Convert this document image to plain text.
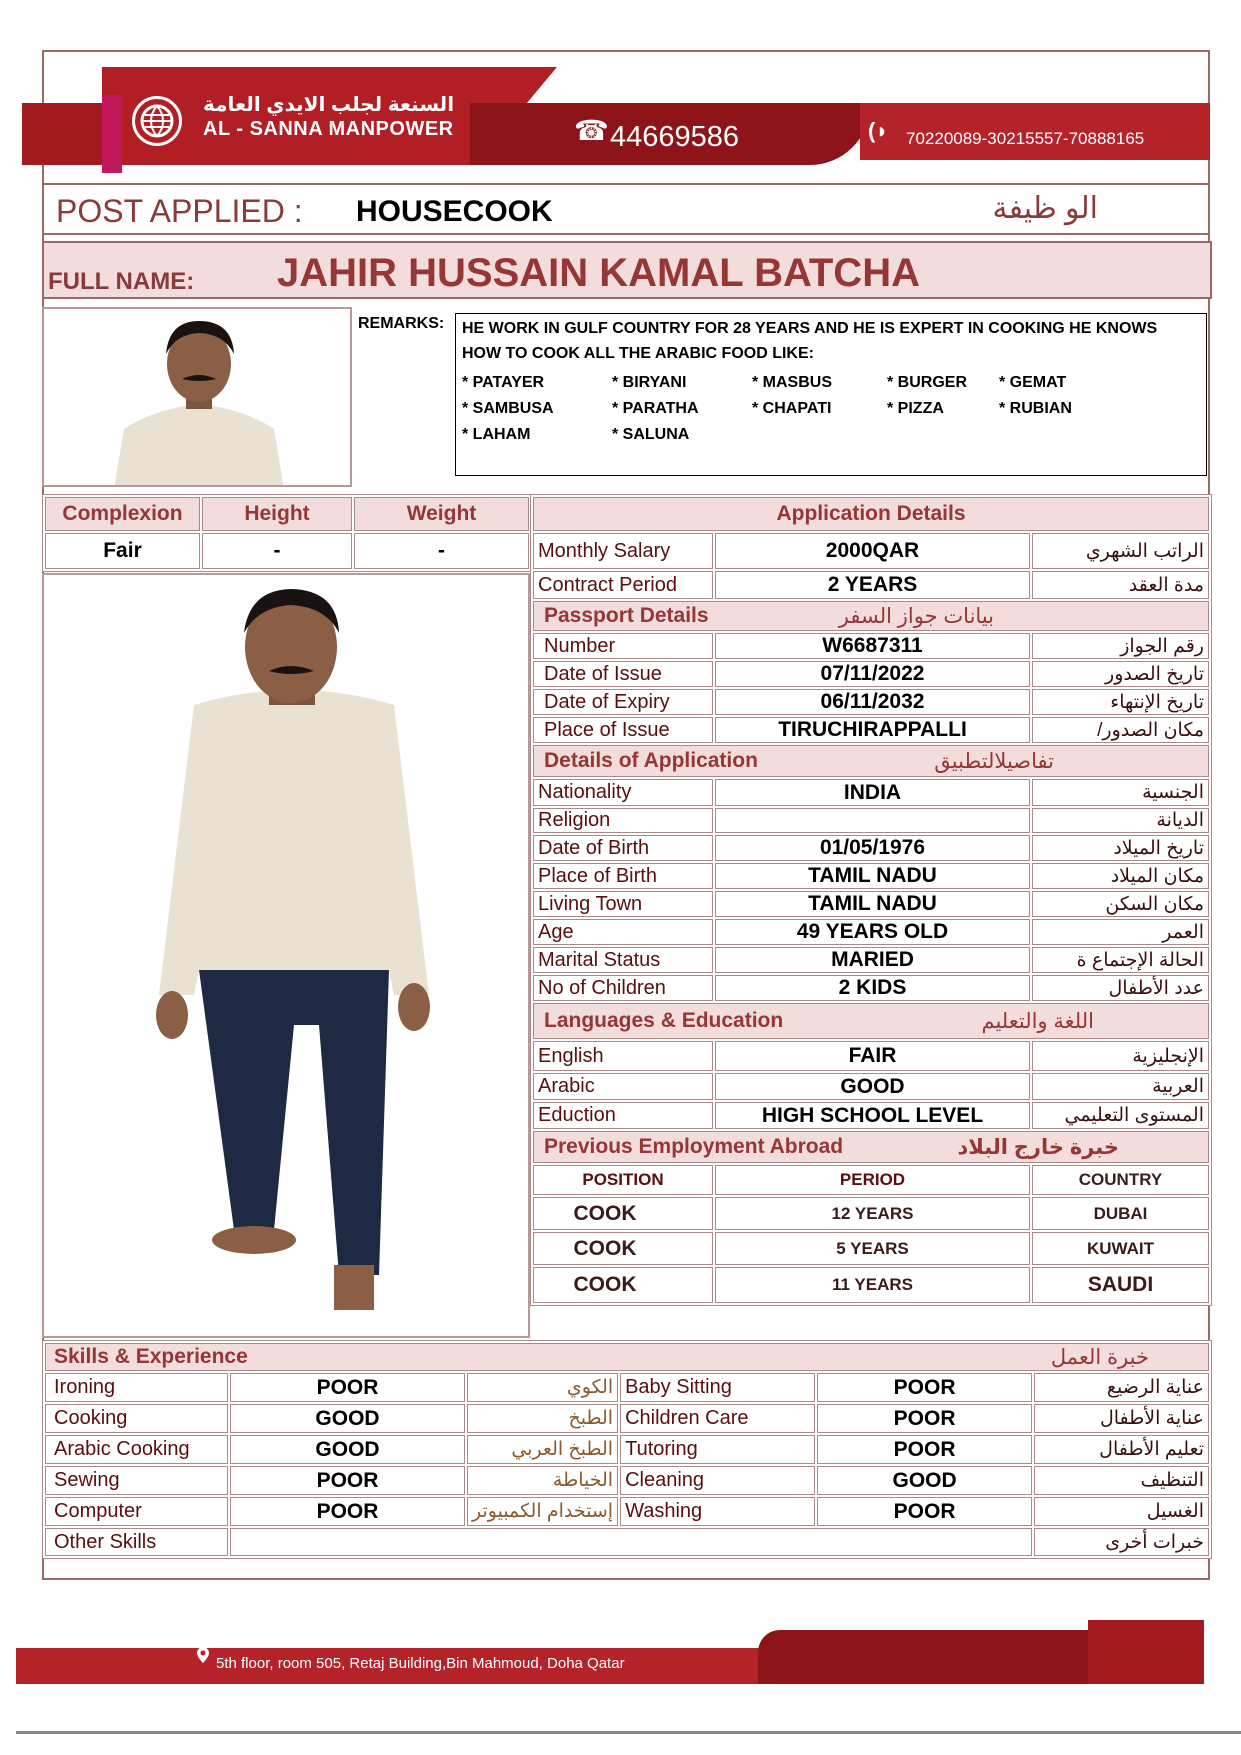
السنعة لجلب الايدي العامة
AL - SANNA MANPOWER	☎ 44669586	(◗ 70220089-30215557-70888165
POST APPLIED : HOUSECOOK	الو ظيفة
FULL NAME: JAHIR HUSSAIN KAMAL BATCHA
REMARKS: HE WORK IN GULF COUNTRY FOR 28 YEARS AND HE IS EXPERT IN COOKING HE KNOWS HOW TO COOK ALL THE ARABIC FOOD LIKE:
* PATAYER	* BIRYANI	* MASBUS	* BURGER	* GEMAT
* SAMBUSA	* PARATHA	* CHAPATI	* PIZZA	* RUBIAN
* LAHAM	* SALUNA
Complexion	Height	Weight
Fair	-	-
Application Details		
Monthly Salary	2000QAR	الراتب الشهري
Contract Period	2 YEARS	مدة العقد
Passport Details بيانات جواز السفر		

Number	W6687311	رقم الجواز
Date of Issue	07/11/2022	تاريخ الصدور
Date of Expiry	06/11/2032	تاريخ الإنتهاء
Place of Issue	TIRUCHIRAPPALLI	مكان الصدور/
Details of Application تفاصيلالتطبيق		

Nationality	INDIA	الجنسية
Religion		الديانة
Date of Birth	01/05/1976	تاريخ الميلاد
Place of Birth	TAMIL NADU	مكان الميلاد
Living Town	TAMIL NADU	مكان السكن
Age	49 YEARS OLD	العمر
Marital Status	MARIED	الحالة الإجتماع ة
No of Children	2 KIDS	عدد الأطفال
Languages & Education اللغة والتعليم		

English	FAIR	الإنجليزية
Arabic	GOOD	العربية
Eduction	HIGH SCHOOL LEVEL	المستوى التعليمي
Previous Employment Abroad خبرة خارج البلاد		

POSITION	PERIOD	COUNTRY
COOK	12 YEARS	DUBAI
COOK	5 YEARS	KUWAIT
COOK	11 YEARS	SAUDI
Skills & Experience خبرة العمل					

Ironing	POOR	الكوي	Baby Sitting	POOR	عناية الرضيع
Cooking	GOOD	الطبخ	Children Care	POOR	عناية الأطفال
Arabic Cooking	GOOD	الطبخ العربي	Tutoring	POOR	تعليم الأطفال
Sewing	POOR	الخياطة	Cleaning	GOOD	التنظيف
Computer	POOR	إستخدام الكمبيوتر	Washing	POOR	الغسيل
Other Skills					خبرات أخرى
5th floor, room 505, Retaj Building,Bin Mahmoud, Doha Qatar
